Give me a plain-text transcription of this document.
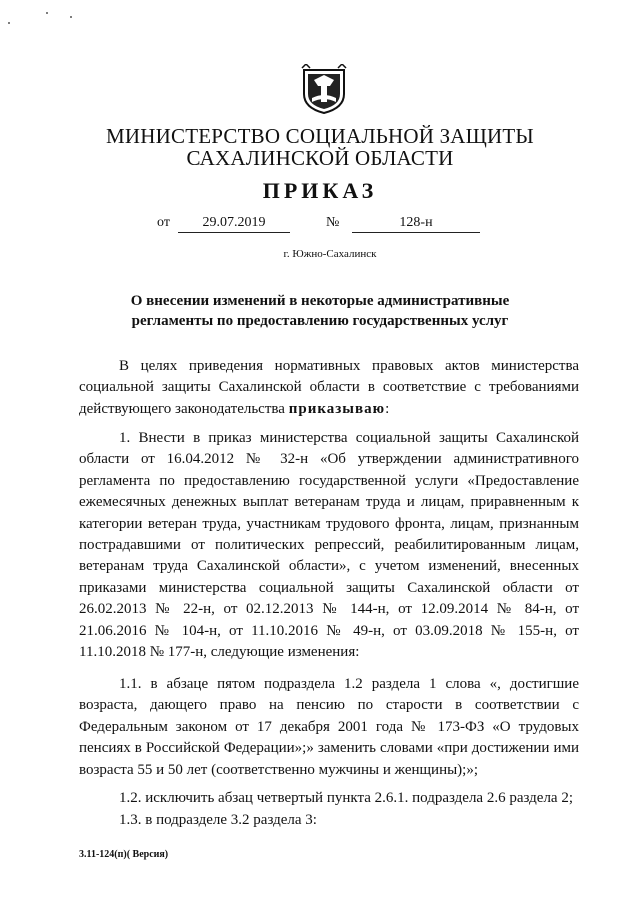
МИНИСТЕРСТВО СОЦИАЛЬНОЙ ЗАЩИТЫ
САХАЛИНСКОЙ ОБЛАСТИ
ПРИКАЗ
от	29.07.2019	№	128-н
г. Южно-Сахалинск
О внесении изменений в некоторые административные регламенты по предоставлению государственных услуг

В целях приведения нормативных правовых актов министерства социальной защиты Сахалинской области в соответствие с требованиями действующего законодательства приказываю:

1. Внести в приказ министерства социальной защиты Сахалинской области от 16.04.2012 № 32-н «Об утверждении административного регламента по предоставлению государственной услуги «Предоставление ежемесячных денежных выплат ветеранам труда и лицам, приравненным к категории ветеран труда, участникам трудового фронта, лицам, признанным пострадавшими от политических репрессий, реабилитированным лицам, ветеранам труда Сахалинской области», с учетом изменений, внесенных приказами министерства социальной защиты Сахалинской области от 26.02.2013 № 22-н, от 02.12.2013 № 144-н, от 12.09.2014 № 84-н, от 21.06.2016 № 104-н, от 11.10.2016 № 49-н, от 03.09.2018 № 155-н, от 11.10.2018 № 177-н, следующие изменения:

1.1. в абзаце пятом подраздела 1.2 раздела 1 слова «, достигшие возраста, дающего право на пенсию по старости в соответствии с Федеральным законом от 17 декабря 2001 года № 173-ФЗ «О трудовых пенсиях в Российской Федерации»;» заменить словами «при достижении ими возраста 55 и 50 лет (соответственно мужчины и женщины);»;

1.2. исключить абзац четвертый пункта 2.6.1. подраздела 2.6 раздела 2;

1.3. в подразделе 3.2 раздела 3:

3.11-124(п)( Версия)
